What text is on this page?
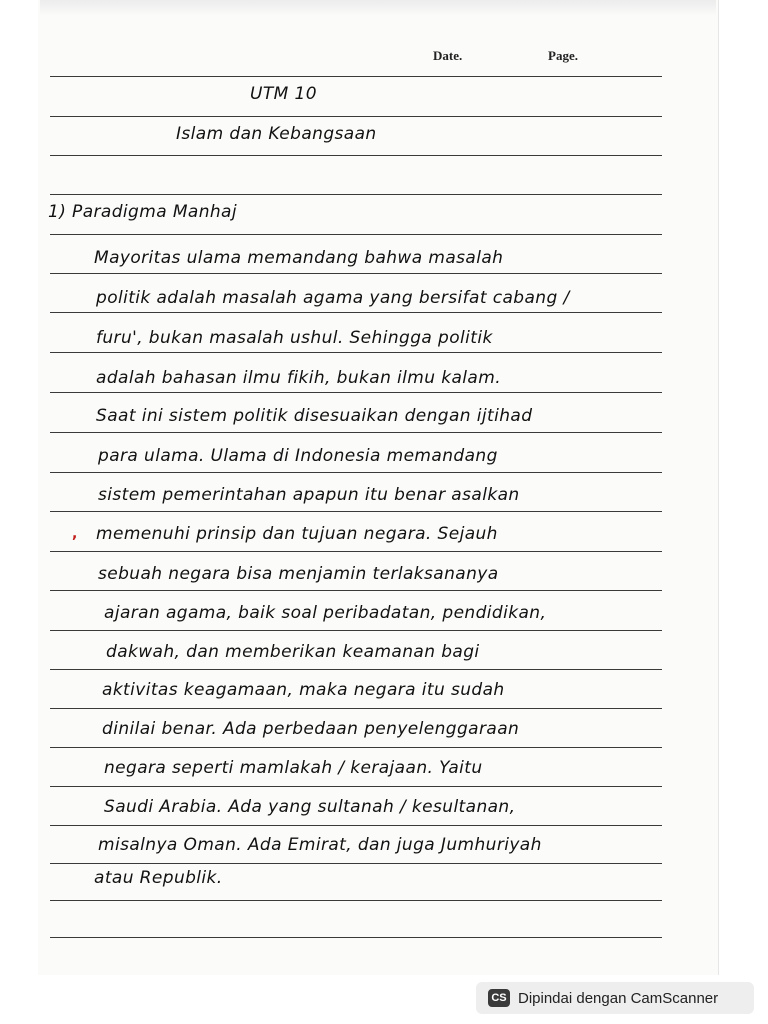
Date.	Page.

UTM 10

Islam dan Kebangsaan

1) Paradigma Manhaj

Mayoritas ulama memandang bahwa masalah

politik adalah masalah agama yang bersifat cabang /

furu', bukan masalah ushul. Sehingga politik

adalah bahasan ilmu fikih, bukan ilmu kalam.

Saat ini sistem politik disesuaikan dengan ijtihad

para ulama. Ulama di Indonesia memandang

sistem pemerintahan apapun itu benar asalkan

, memenuhi prinsip dan tujuan negara. Sejauh

sebuah negara bisa menjamin terlaksananya

ajaran agama, baik soal peribadatan, pendidikan,

dakwah, dan memberikan keamanan bagi

aktivitas keagamaan, maka negara itu sudah

dinilai benar. Ada perbedaan penyelenggaraan

negara seperti mamlakah / kerajaan. Yaitu

Saudi Arabia. Ada yang sultanah / kesultanan,

misalnya Oman. Ada Emirat, dan juga Jumhuriyah

atau Republik.

CS Dipindai dengan CamScanner
